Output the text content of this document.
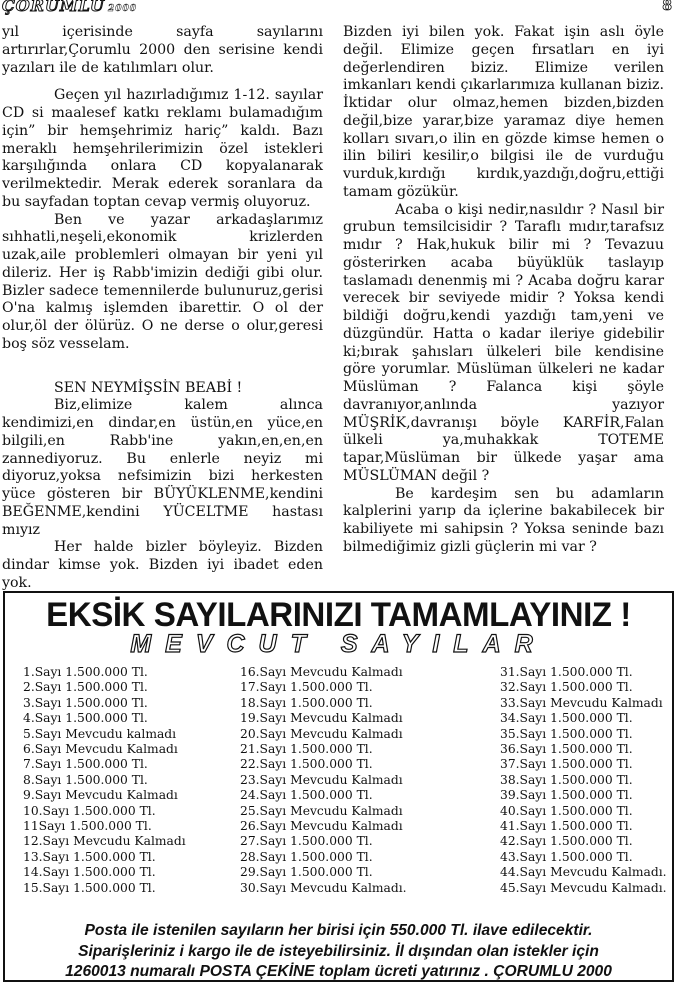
ÇORUMLU 2000	8

yıl içerisinde sayfa sayılarını artırırlar,Çorumlu 2000 den serisine kendi yazıları ile de katılımları olur.

Geçen yıl hazırladığımız 1-12. sayılar CD si maalesef katkı reklamı bulamadığım için” bir hemşehrimiz hariç” kaldı. Bazı meraklı hemşehrilerimizin özel istekleri karşılığında onlara CD kopyalanarak verilmektedir. Merak ederek soranlara da bu sayfadan toptan cevap vermiş oluyoruz.

Ben ve yazar arkadaşlarımız sıhhatli,neşeli,ekonomik krizlerden uzak,aile problemleri olmayan bir yeni yıl dileriz. Her iş Rabb'imizin dediği gibi olur. Bizler sadece temennilerde bulunuruz,gerisi O'na kalmış işlemden ibarettir. O ol der olur,öl der ölürüz. O ne derse o olur,geresi boş söz vesselam.

SEN NEYMİŞSİN BEABİ !

Biz,elimize kalem alınca kendimizi,en dindar,en üstün,en yüce,en bilgili,en Rabb'ine yakın,en,en,en zannediyoruz. Bu enlerle neyiz mi diyoruz,yoksa nefsimizin bizi herkesten yüce gösteren bir BÜYÜKLENME,kendini BEĞENME,kendini YÜCELTME hastası mıyız

Her halde bizler böyleyiz. Bizden dindar kimse yok. Bizden iyi ibadet eden yok.

Bizden iyi bilen yok. Fakat işin aslı öyle değil. Elimize geçen fırsatları en iyi değerlendiren biziz. Elimize verilen imkanları kendi çıkarlarımıza kullanan biziz. İktidar olur olmaz,hemen bizden,bizden değil,bize yarar,bize yaramaz diye hemen kolları sıvarı,o ilin en gözde kimse hemen o ilin biliri kesilir,o bilgisi ile de vurduğu vurduk,kırdığı kırdık,yazdığı,doğru,ettiği tamam gözükür.

Acaba o kişi nedir,nasıldır ? Nasıl bir grubun temsilcisidir ? Taraflı mıdır,tarafsız mıdır ? Hak,hukuk bilir mi ? Tevazuu gösterirken acaba büyüklük taslayıp taslamadı denenmiş mi ? Acaba doğru karar verecek bir seviyede midir ? Yoksa kendi bildiği doğru,kendi yazdığı tam,yeni ve düzgündür. Hatta o kadar ileriye gidebilir ki;bırak şahısları ülkeleri bile kendisine göre yorumlar. Müslüman ülkeleri ne kadar Müslüman ? Falanca kişi şöyle davranıyor,anlında yazıyor MÜŞRİK,davranışı böyle KARFİR,Falan ülkeli ya,muhakkak TOTEME tapar,Müslüman bir ülkede yaşar ama MÜSLÜMAN değil ?

Be kardeşim sen bu adamların kalplerini yarıp da içlerine bakabilecek bir kabiliyete mi sahipsin ? Yoksa seninde bazı bilmediğimiz gizli güçlerin mi var ?

EKSİK SAYILARINIZI TAMAMLAYINIZ !
MEVCUT SAYILAR
1.Sayı 1.500.000 Tl.
2.Sayı 1.500.000 Tl.
3.Sayı 1.500.000 Tl.
4.Sayı 1.500.000 Tl.
5.Sayı Mevcudu kalmadı
6.Sayı Mevcudu Kalmadı
7.Sayı 1.500.000 Tl.
8.Sayı 1.500.000 Tl.
9.Sayı Mevcudu Kalmadı
10.Sayı 1.500.000 Tl.
11Sayı 1.500.000 Tl.
12.Sayı Mevcudu Kalmadı
13.Sayı 1.500.000 Tl.
14.Sayı 1.500.000 Tl.
15.Sayı 1.500.000 Tl.
16.Sayı Mevcudu Kalmadı
17.Sayı 1.500.000 Tl.
18.Sayı 1.500.000 Tl.
19.Sayı Mevcudu Kalmadı
20.Sayı Mevcudu Kalmadı
21.Sayı 1.500.000 Tl.
22.Sayı 1.500.000 Tl.
23.Sayı Mevcudu Kalmadı
24.Sayı 1.500.000 Tl.
25.Sayı Mevcudu Kalmadı
26.Sayı Mevcudu Kalmadı
27.Sayı 1.500.000 Tl.
28.Sayı 1.500.000 Tl.
29.Sayı 1.500.000 Tl.
30.Sayı Mevcudu Kalmadı.
31.Sayı 1.500.000 Tl.
32.Sayı 1.500.000 Tl.
33.Sayı Mevcudu Kalmadı
34.Sayı 1.500.000 Tl.
35.Sayı 1.500.000 Tl.
36.Sayı 1.500.000 Tl.
37.Sayı 1.500.000 Tl.
38.Sayı 1.500.000 Tl.
39.Sayı 1.500.000 Tl.
40.Sayı 1.500.000 Tl.
41.Sayı 1.500.000 Tl.
42.Sayı 1.500.000 Tl.
43.Sayı 1.500.000 Tl.
44.Sayı Mevcudu Kalmadı.
45.Sayı Mevcudu Kalmadı.
Posta ile istenilen sayıların her birisi için 550.000 Tl. ilave edilecektir.
Siparişleriniz i kargo ile de isteyebilirsiniz. İl dışından olan istekler için
1260013 numaralı POSTA ÇEKİNE toplam ücreti yatırınız . ÇORUMLU 2000
